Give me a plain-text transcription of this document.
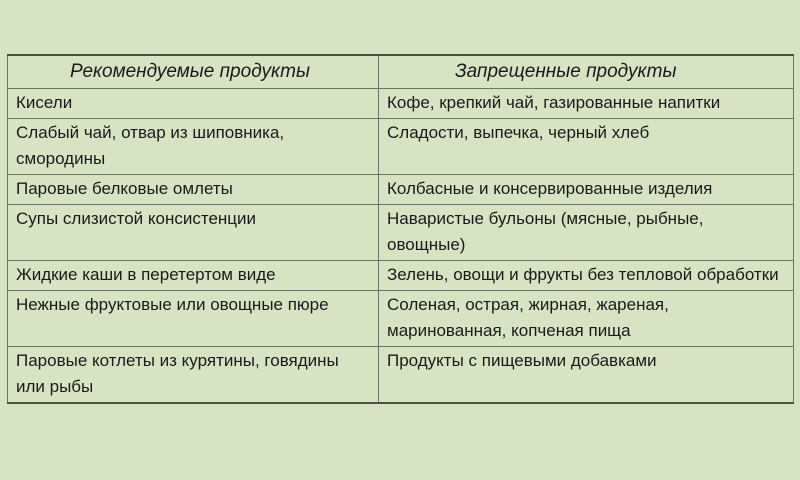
Рекомендуемые продукты	Запрещенные продукты
Кисели	Кофе, крепкий чай, газированные напитки
Слабый чай, отвар из шиповника, смородины	Сладости, выпечка, черный хлеб
Паровые белковые омлеты	Колбасные и консервированные изделия
Супы слизистой консистенции	Наваристые бульоны (мясные, рыбные, овощные)
Жидкие каши в перетертом виде	Зелень, овощи и фрукты без тепловой обработки
Нежные фруктовые или овощные пюре	Соленая, острая, жирная, жареная, маринованная, копченая пища
Паровые котлеты из курятины, говядины или рыбы	Продукты с пищевыми добавками
